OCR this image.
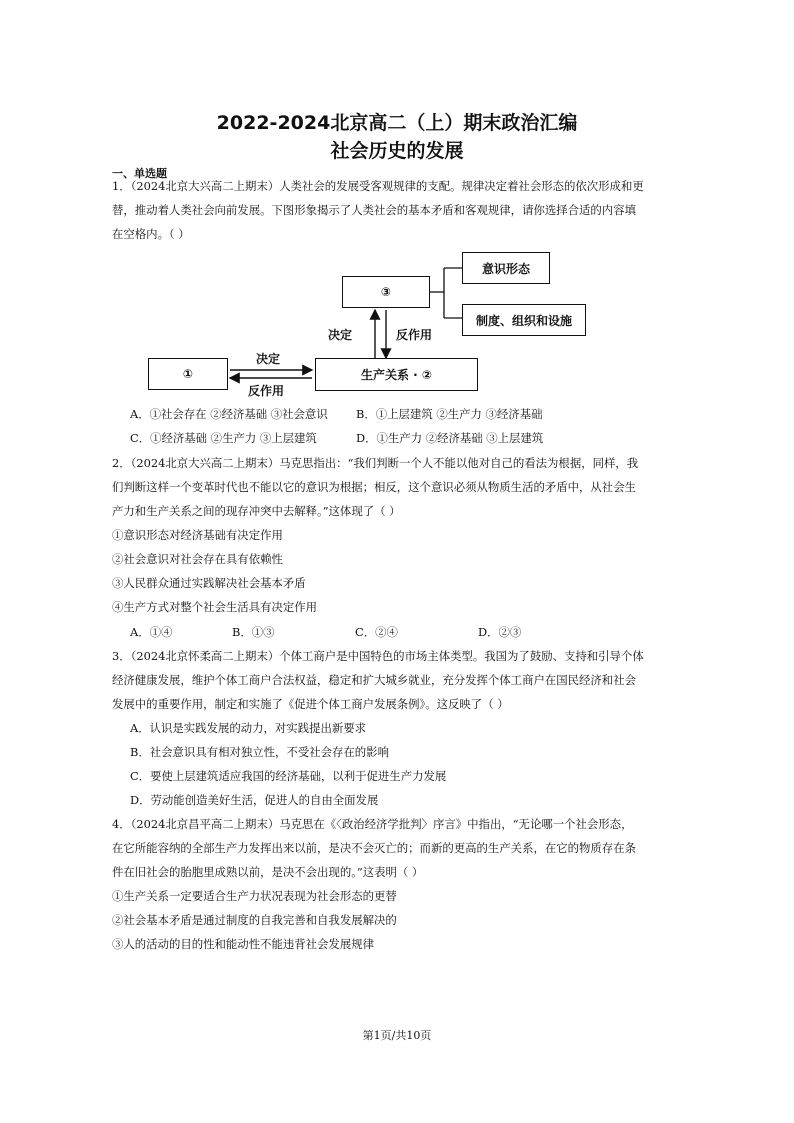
2022-2024北京高二（上）期末政治汇编
社会历史的发展
一、单选题
1．（2024北京大兴高二上期末）人类社会的发展受客观规律的支配。规律决定着社会形态的依次形成和更
替，推动着人类社会向前发展。下图形象揭示了人类社会的基本矛盾和客观规律，请你选择合适的内容填
在空格内。（ ）
①	生产关系 · ②
③
意识形态
制度、组织和设施
决定
反作用
决定	反作用
A．①社会存在 ②经济基础 ③社会意识 B．①上层建筑 ②生产力 ③经济基础
C．①经济基础 ②生产力 ③上层建筑	D．①生产力 ②经济基础 ③上层建筑
2．（2024北京大兴高二上期末）马克思指出：“我们判断一个人不能以他对自己的看法为根据，同样，我
们判断这样一个变革时代也不能以它的意识为根据；相反，这个意识必须从物质生活的矛盾中，从社会生
产力和生产关系之间的现存冲突中去解释。”这体现了（ ）
①意识形态对经济基础有决定作用
②社会意识对社会存在具有依赖性
③人民群众通过实践解决社会基本矛盾
④生产方式对整个社会生活具有决定作用
A．①④	B．①③	C．②④	D．②③
3．（2024北京怀柔高二上期末）个体工商户是中国特色的市场主体类型。我国为了鼓励、支持和引导个体
经济健康发展，维护个体工商户合法权益，稳定和扩大城乡就业，充分发挥个体工商户在国民经济和社会
发展中的重要作用，制定和实施了《促进个体工商户发展条例》。这反映了（ ）
A．认识是实践发展的动力，对实践提出新要求
B．社会意识具有相对独立性，不受社会存在的影响
C．要使上层建筑适应我国的经济基础，以利于促进生产力发展
D．劳动能创造美好生活，促进人的自由全面发展
4．（2024北京昌平高二上期末）马克思在《〈政治经济学批判〉序言》中指出，“无论哪一个社会形态，
在它所能容纳的全部生产力发挥出来以前，是决不会灭亡的；而新的更高的生产关系，在它的物质存在条
件在旧社会的胎胞里成熟以前，是决不会出现的。”这表明（ ）
①生产关系一定要适合生产力状况表现为社会形态的更替
②社会基本矛盾是通过制度的自我完善和自我发展解决的
③人的活动的目的性和能动性不能违背社会发展规律
第1页/共10页
